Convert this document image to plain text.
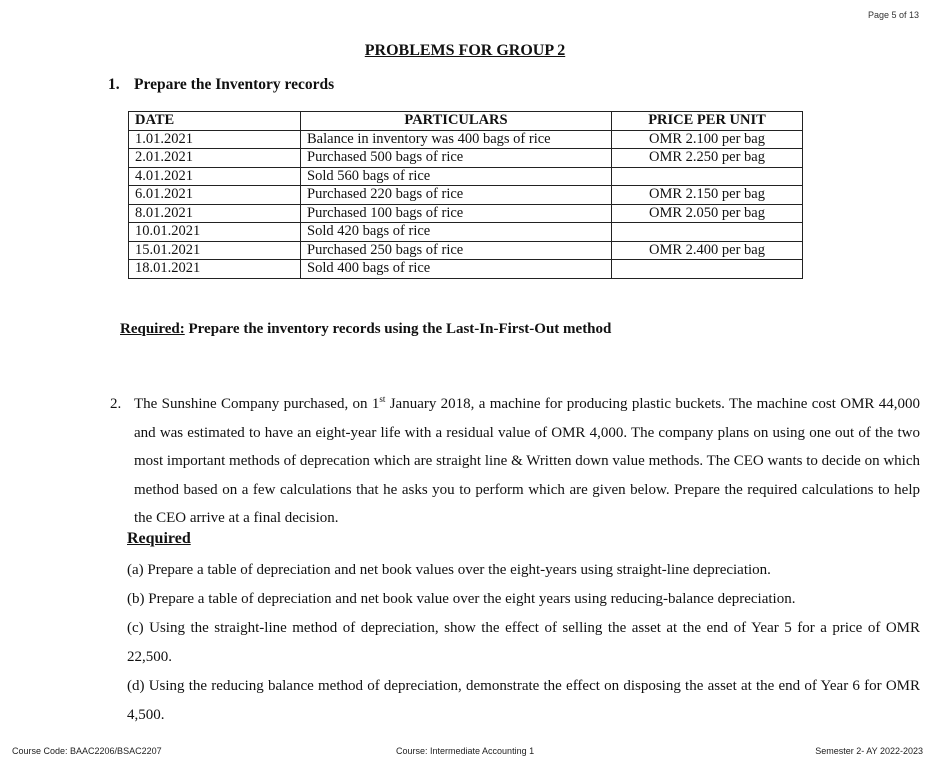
Page 5 of 13
PROBLEMS FOR GROUP 2
1. Prepare the Inventory records
DATE	PARTICULARS	PRICE PER UNIT
1.01.2021	Balance in inventory was 400 bags of rice	OMR 2.100 per bag
2.01.2021	Purchased 500 bags of rice	OMR 2.250 per bag
4.01.2021	Sold 560 bags of rice	
6.01.2021	Purchased 220 bags of rice	OMR 2.150 per bag
8.01.2021	Purchased 100 bags of rice	OMR 2.050 per bag
10.01.2021	Sold 420 bags of rice	
15.01.2021	Purchased 250 bags of rice	OMR 2.400 per bag
18.01.2021	Sold 400 bags of rice	
Required: Prepare the inventory records using the Last-In-First-Out method
2. The Sunshine Company purchased, on 1st January 2018, a machine for producing plastic buckets. The machine cost OMR 44,000 and was estimated to have an eight-year life with a residual value of OMR 4,000. The company plans on using one out of the two most important methods of deprecation which are straight line & Written down value methods. The CEO wants to decide on which method based on a few calculations that he asks you to perform which are given below. Prepare the required calculations to help the CEO arrive at a final decision.
Required
(a) Prepare a table of depreciation and net book values over the eight-years using straight-line depreciation.
(b) Prepare a table of depreciation and net book value over the eight years using reducing-balance depreciation.
(c) Using the straight-line method of depreciation, show the effect of selling the asset at the end of Year 5 for a price of OMR 22,500.
(d) Using the reducing balance method of depreciation, demonstrate the effect on disposing the asset at the end of Year 6 for OMR 4,500.
Course Code: BAAC2206/BSAC2207	Course: Intermediate Accounting 1	Semester 2- AY 2022-2023
